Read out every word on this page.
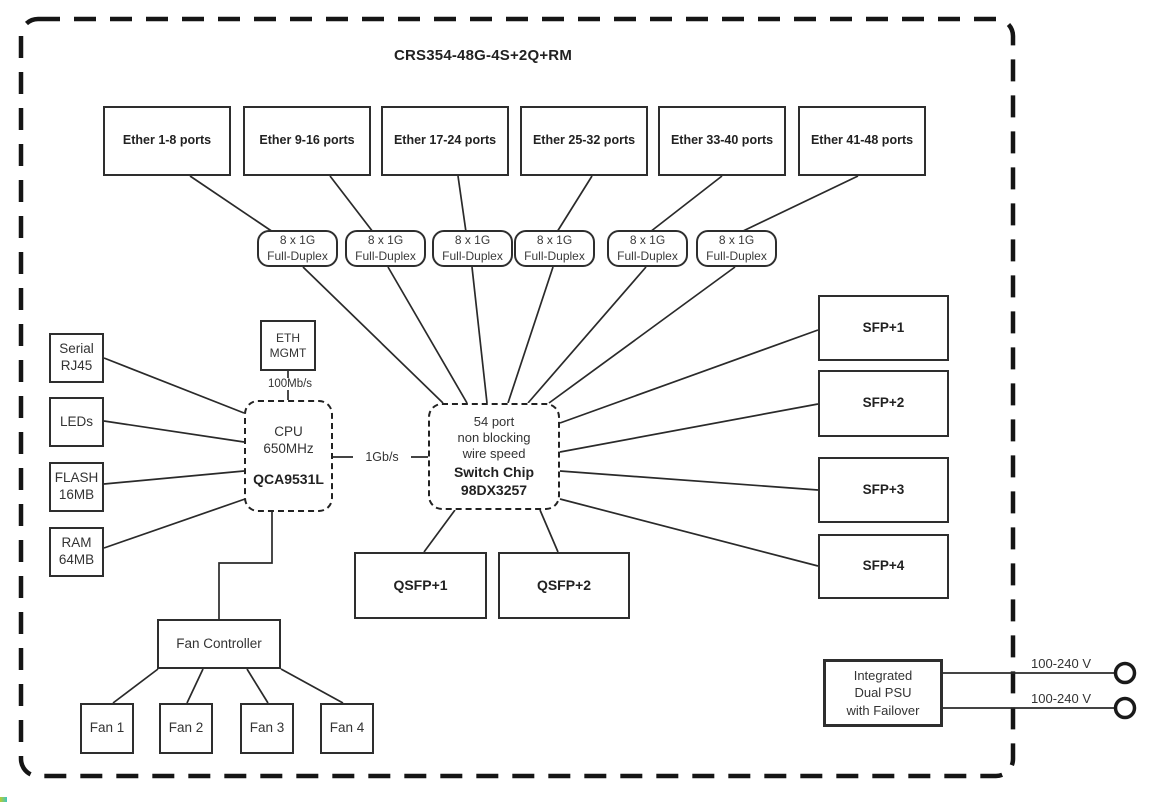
CRS354-48G-4S+2Q+RM
Ether 1-8 ports	Ether 9-16 ports	Ether 17-24 ports	Ether 25-32 ports	Ether 33-40 ports	Ether 41-48 ports
8 x 1G
Full-Duplex
8 x 1G
Full-Duplex
8 x 1G
Full-Duplex
8 x 1G
Full-Duplex
8 x 1G
Full-Duplex
8 x 1G
Full-Duplex
Serial
RJ45
LEDs
FLASH
16MB
RAM
64MB
ETH
MGMT
100Mb/s
CPU
650MHz
QCA9531L
1Gb/s
54 port
non blocking
wire speed
Switch Chip
98DX3257
SFP+1
SFP+2
SFP+3
SFP+4
QSFP+1	QSFP+2
Fan Controller
Fan 1	Fan 2	Fan 3	Fan 4
Integrated
Dual PSU
with Failover
100-240 V
100-240 V
